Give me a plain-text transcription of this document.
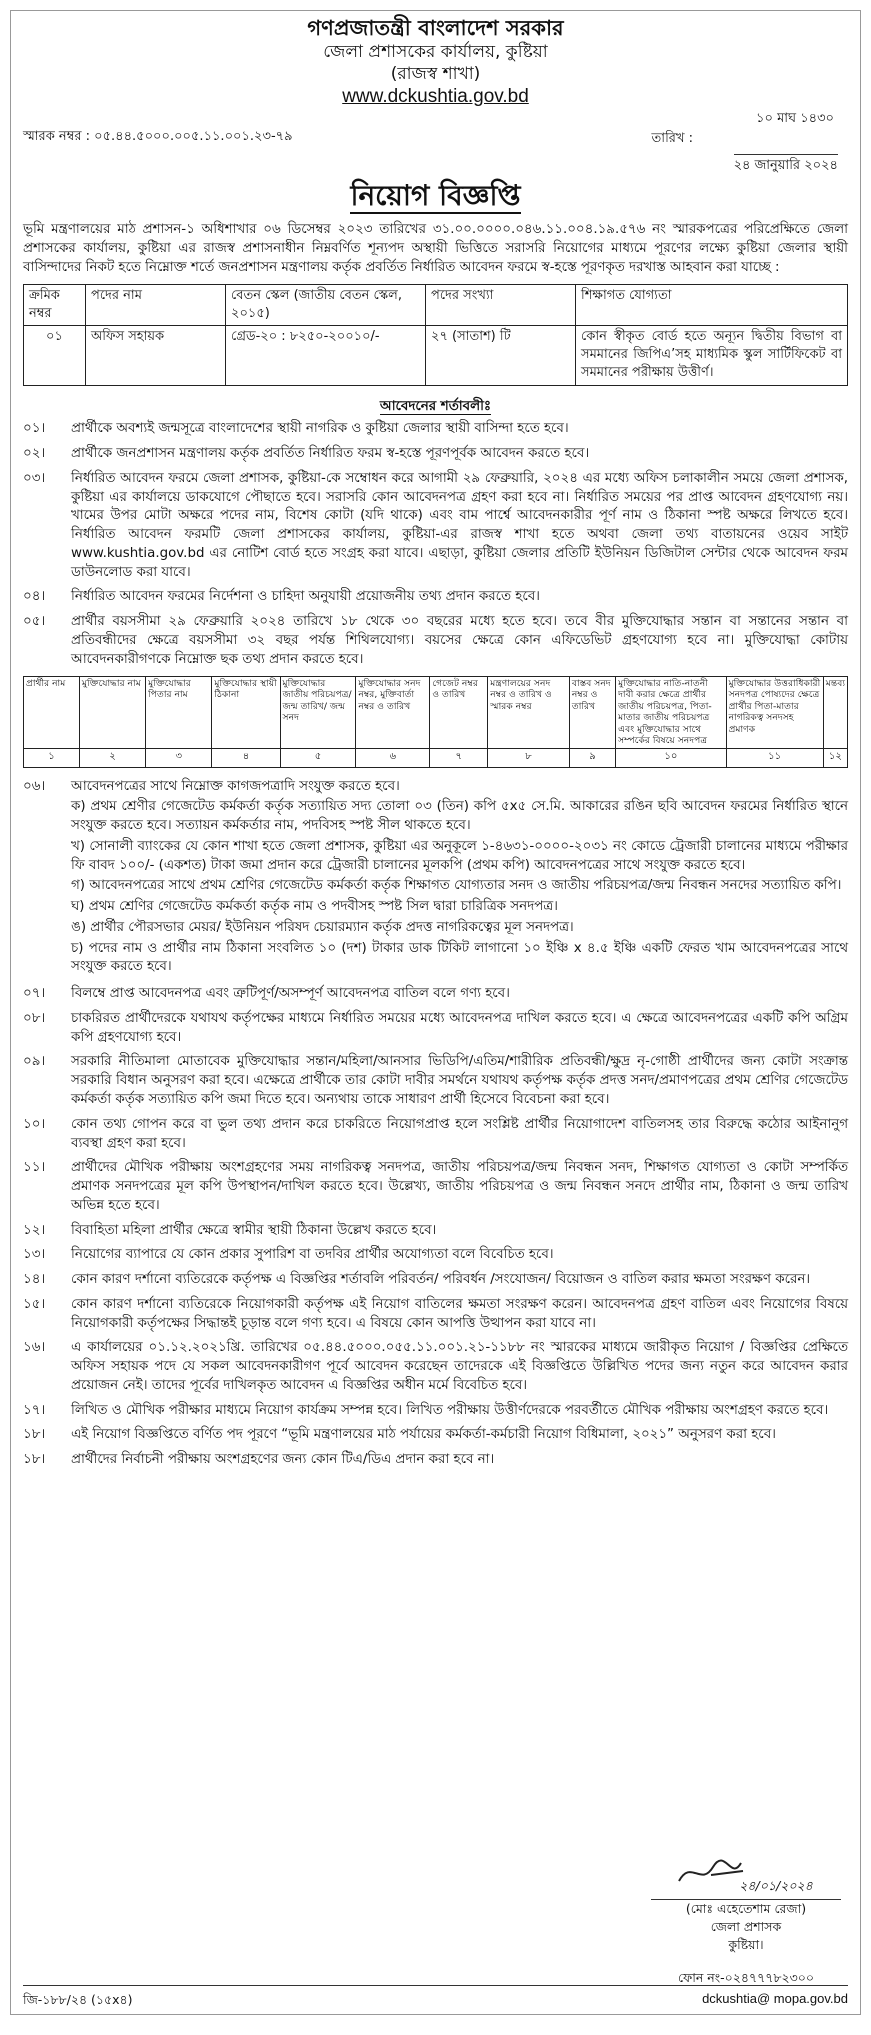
গণপ্রজাতন্ত্রী বাংলাদেশ সরকার
জেলা প্রশাসকের কার্যালয়, কুষ্টিয়া
(রাজস্ব শাখা)
www.dckushtia.gov.bd
১০ মাঘ ১৪৩০
স্মারক নম্বর : ০৫.৪৪.৫০০০.০০৫.১১.০০১.২৩-৭৯	তারিখ :
২৪ জানুয়ারি ২০২৪
নিয়োগ বিজ্ঞপ্তি

ভূমি মন্ত্রণালয়ের মাঠ প্রশাসন-১ অধিশাখার ০৬ ডিসেম্বর ২০২৩ তারিখের ৩১.০০.০০০০.০৪৬.১১.০০৪.১৯.৫৭৬ নং স্মারকপত্রের পরিপ্রেক্ষিতে জেলা প্রশাসকের কার্যালয়, কুষ্টিয়া এর রাজস্ব প্রশাসনাধীন নিম্নবর্ণিত শূন্যপদ অস্থায়ী ভিত্তিতে সরাসরি নিয়োগের মাধ্যমে পূরণের লক্ষ্যে কুষ্টিয়া জেলার স্থায়ী বাসিন্দাদের নিকট হতে নিম্নোক্ত শর্তে জনপ্রশাসন মন্ত্রণালয় কর্তৃক প্রবর্তিত নির্ধারিত আবেদন ফরমে স্ব-হস্তে পূরণকৃত দরখাস্ত আহবান করা যাচ্ছে :

ক্রমিক নম্বর	পদের নাম	বেতন স্কেল (জাতীয় বেতন স্কেল, ২০১৫)	পদের সংখ্যা	শিক্ষাগত যোগ্যতা
০১	অফিস সহায়ক	গ্রেড-২০ : ৮২৫০-২০০১০/-	২৭ (সাতাশ) টি	কোন স্বীকৃত বোর্ড হতে অন্যূন দ্বিতীয় বিভাগ বা সমমানের জিপিএ’সহ মাধ্যমিক স্কুল সার্টিফিকেট বা সমমানের পরীক্ষায় উত্তীর্ণ।
আবেদনের শর্তাবলীঃ
০১।	প্রার্থীকে অবশ্যই জন্মসূত্রে বাংলাদেশের স্থায়ী নাগরিক ও কুষ্টিয়া জেলার স্থায়ী বাসিন্দা হতে হবে।
০২।	প্রার্থীকে জনপ্রশাসন মন্ত্রণালয় কর্তৃক প্রবর্তিত নির্ধারিত ফরম স্ব-হস্তে পূরণপূর্বক আবেদন করতে হবে।
০৩।	নির্ধারিত আবেদন ফরমে জেলা প্রশাসক, কুষ্টিয়া-কে সম্বোধন করে আগামী ২৯ ফেব্রুয়ারি, ২০২৪ এর মধ্যে অফিস চলাকালীন সময়ে জেলা প্রশাসক, কুষ্টিয়া এর কার্যালয়ে ডাকযোগে পৌছাতে হবে। সরাসরি কোন আবেদনপত্র গ্রহণ করা হবে না। নির্ধারিত সময়ের পর প্রাপ্ত আবেদন গ্রহণযোগ্য নয়। খামের উপর মোটা অক্ষরে পদের নাম, বিশেষ কোটা (যদি থাকে) এবং বাম পার্শ্বে আবেদনকারীর পূর্ণ নাম ও ঠিকানা স্পষ্ট অক্ষরে লিখতে হবে। নির্ধারিত আবেদন ফরমটি জেলা প্রশাসকের কার্যালয়, কুষ্টিয়া-এর রাজস্ব শাখা হতে অথবা জেলা তথ্য বাতায়নের ওয়েব সাইট www.kushtia.gov.bd এর নোটিশ বোর্ড হতে সংগ্রহ করা যাবে। এছাড়া, কুষ্টিয়া জেলার প্রতিটি ইউনিয়ন ডিজিটাল সেন্টার থেকে আবেদন ফরম ডাউনলোড করা যাবে।
০৪।	নির্ধারিত আবেদন ফরমের নির্দেশনা ও চাহিদা অনুযায়ী প্রয়োজনীয় তথ্য প্রদান করতে হবে।
০৫।	প্রার্থীর বয়সসীমা ২৯ ফেব্রুয়ারি ২০২৪ তারিখে ১৮ থেকে ৩০ বছরের মধ্যে হতে হবে। তবে বীর মুক্তিযোদ্ধার সন্তান বা সন্তানের সন্তান বা প্রতিবন্ধীদের ক্ষেত্রে বয়সসীমা ৩২ বছর পর্যন্ত শিথিলযোগ্য। বয়সের ক্ষেত্রে কোন এফিডেভিট গ্রহণযোগ্য হবে না। মুক্তিযোদ্ধা কোটায় আবেদনকারীগণকে নিম্নোক্ত ছক তথ্য প্রদান করতে হবে।
প্রার্থীর নাম	মুক্তিযোদ্ধার নাম	মুক্তিযোদ্ধার পিতার নাম	মুক্তিযোদ্ধার স্থায়ী ঠিকানা	মুক্তিযোদ্ধার জাতীয় পরিচয়পত্র/ জন্ম তারিখ/ জন্ম সনদ	মুক্তিযোদ্ধার সনদ নম্বর, মুক্তিবার্তা নম্বর ও তারিখ	গেজেট নম্বর ও তারিখ	মন্ত্রণালয়ের সনদ নম্বর ও তারিখ ও স্মারক নম্বর	বাস্তব সনদ নম্বর ও তারিখ	মুক্তিযোদ্ধার নাতি-নাতনী দাবী করার ক্ষেত্রে প্রার্থীর জাতীয় পরিচয়পত্র, পিতা-মাতার জাতীয় পরিচয়পত্র এবং মুক্তিযোদ্ধার সাথে সম্পর্কের বিষয়ে সনদপত্র	মুক্তিযোদ্ধার উত্তরাধিকারী সনদপত্র পোষ্যদের ক্ষেত্রে প্রার্থীর পিতা-মাতার নাগরিকত্ব সনদসহ প্রমাণক	মন্তব্য
১	২	৩	৪	৫	৬	৭	৮	৯	১০	১১	১২
০৬।	আবেদনপত্রের সাথে নিম্নোক্ত কাগজপত্রাদি সংযুক্ত করতে হবে।
ক) প্রথম শ্রেণীর গেজেটেড কর্মকর্তা কর্তৃক সত্যায়িত সদ্য তোলা ০৩ (তিন) কপি ৫x৫ সে.মি. আকারের রঙিন ছবি আবেদন ফরমের নির্ধারিত স্থানে সংযুক্ত করতে হবে। সত্যায়ন কর্মকর্তার নাম, পদবিসহ স্পষ্ট সীল থাকতে হবে।
খ) সোনালী ব্যাংকের যে কোন শাখা হতে জেলা প্রশাসক, কুষ্টিয়া এর অনুকূলে ১-৪৬৩১-০০০০-২০৩১ নং কোডে ট্রেজারী চালানের মাধ্যমে পরীক্ষার ফি বাবদ ১০০/- (একশত) টাকা জমা প্রদান করে ট্রেজারী চালানের মূলকপি (প্রথম কপি) আবেদনপত্রের সাথে সংযুক্ত করতে হবে।
গ) আবেদনপত্রের সাথে প্রথম শ্রেণির গেজেটেড কর্মকর্তা কর্তৃক শিক্ষাগত যোগ্যতার সনদ ও জাতীয় পরিচয়পত্র/জন্ম নিবন্ধন সনদের সত্যায়িত কপি।
ঘ) প্রথম শ্রেণির গেজেটেড কর্মকর্তা কর্তৃক নাম ও পদবীসহ স্পষ্ট সিল দ্বারা চারিত্রিক সনদপত্র।
ঙ) প্রার্থীর পৌরসভার মেয়র/ ইউনিয়ন পরিষদ চেয়ারম্যান কর্তৃক প্রদত্ত নাগরিকত্বের মূল সনদপত্র।
চ) পদের নাম ও প্রার্থীর নাম ঠিকানা সংবলিত ১০ (দশ) টাকার ডাক টিকিট লাগানো ১০ ইঞ্চি x ৪.৫ ইঞ্চি একটি ফেরত খাম আবেদনপত্রের সাথে সংযুক্ত করতে হবে।
০৭।	বিলম্বে প্রাপ্ত আবেদনপত্র এবং ত্রুটিপূর্ণ/অসম্পূর্ণ আবেদনপত্র বাতিল বলে গণ্য হবে।
০৮।	চাকরিরত প্রার্থীদেরকে যথাযথ কর্তৃপক্ষের মাধ্যমে নির্ধারিত সময়ের মধ্যে আবেদনপত্র দাখিল করতে হবে। এ ক্ষেত্রে আবেদনপত্রের একটি কপি অগ্রিম কপি গ্রহণযোগ্য হবে।
০৯।	সরকারি নীতিমালা মোতাবেক মুক্তিযোদ্ধার সন্তান/মহিলা/আনসার ভিডিপি/এতিম/শারীরিক প্রতিবন্ধী/ক্ষুদ্র নৃ-গোষ্ঠী প্রার্থীদের জন্য কোটা সংক্রান্ত সরকারি বিধান অনুসরণ করা হবে। এক্ষেত্রে প্রার্থীকে তার কোটা দাবীর সমর্থনে যথাযথ কর্তৃপক্ষ কর্তৃক প্রদত্ত সনদ/প্রমাণপত্রের প্রথম শ্রেণির গেজেটেড কর্মকর্তা কর্তৃক সত্যায়িত কপি জমা দিতে হবে। অন্যথায় তাকে সাধারণ প্রার্থী হিসেবে বিবেচনা করা হবে।
১০।	কোন তথ্য গোপন করে বা ভুল তথ্য প্রদান করে চাকরিতে নিয়োগপ্রাপ্ত হলে সংশ্লিষ্ট প্রার্থীর নিয়োগাদেশ বাতিলসহ তার বিরুদ্ধে কঠোর আইনানুগ ব্যবস্থা গ্রহণ করা হবে।
১১।	প্রার্থীদের মৌখিক পরীক্ষায় অংশগ্রহণের সময় নাগরিকত্ব সনদপত্র, জাতীয় পরিচয়পত্র/জন্ম নিবন্ধন সনদ, শিক্ষাগত যোগ্যতা ও কোটা সম্পর্কিত প্রমাণক সনদপত্রের মূল কপি উপস্থাপন/দাখিল করতে হবে। উল্লেখ্য, জাতীয় পরিচয়পত্র ও জন্ম নিবন্ধন সনদে প্রার্থীর নাম, ঠিকানা ও জন্ম তারিখ অভিন্ন হতে হবে।
১২।	বিবাহিতা মহিলা প্রার্থীর ক্ষেত্রে স্বামীর স্থায়ী ঠিকানা উল্লেখ করতে হবে।
১৩।	নিয়োগের ব্যাপারে যে কোন প্রকার সুপারিশ বা তদবির প্রার্থীর অযোগ্যতা বলে বিবেচিত হবে।
১৪।	কোন কারণ দর্শানো ব্যতিরেকে কর্তৃপক্ষ এ বিজ্ঞপ্তির শর্তাবলি পরিবর্তন/ পরিবর্ধন /সংযোজন/ বিয়োজন ও বাতিল করার ক্ষমতা সংরক্ষণ করেন।
১৫।	কোন কারণ দর্শানো ব্যতিরেকে নিয়োগকারী কর্তৃপক্ষ এই নিয়োগ বাতিলের ক্ষমতা সংরক্ষণ করেন। আবেদনপত্র গ্রহণ বাতিল এবং নিয়োগের বিষয়ে নিয়োগকারী কর্তৃপক্ষের সিদ্ধান্তই চূড়ান্ত বলে গণ্য হবে। এ বিষয়ে কোন আপত্তি উত্থাপন করা যাবে না।
১৬।	এ কার্যালয়ের ০১.১২.২০২১খ্রি. তারিখের ০৫.৪৪.৫০০০.০৫৫.১১.০০১.২১-১১৮৮ নং স্মারকের মাধ্যমে জারীকৃত নিয়োগ / বিজ্ঞপ্তির প্রেক্ষিতে অফিস সহায়ক পদে যে সকল আবেদনকারীগণ পূর্বে আবেদন করেছেন তাদেরকে এই বিজ্ঞপ্তিতে উল্লিখিত পদের জন্য নতুন করে আবেদন করার প্রয়োজন নেই। তাদের পূর্বের দাখিলকৃত আবেদন এ বিজ্ঞপ্তির অধীন মর্মে বিবেচিত হবে।
১৭।	লিখিত ও মৌখিক পরীক্ষার মাধ্যমে নিয়োগ কার্যক্রম সম্পন্ন হবে। লিখিত পরীক্ষায় উত্তীর্ণদেরকে পরবর্তীতে মৌখিক পরীক্ষায় অংশগ্রহণ করতে হবে।
১৮।	এই নিয়োগ বিজ্ঞপ্তিতে বর্ণিত পদ পূরণে “ভূমি মন্ত্রণালয়ের মাঠ পর্যায়ের কর্মকর্তা-কর্মচারী নিয়োগ বিধিমালা, ২০২১” অনুসরণ করা হবে।
১৮।	প্রার্থীদের নির্বাচনী পরীক্ষায় অংশগ্রহণের জন্য কোন টিএ/ডিএ প্রদান করা হবে না।
২৪/০১/২০২৪
(মোঃ এহেতেশাম রেজা)
জেলা প্রশাসক
কুষ্টিয়া।
ফোন নং-০২৪৭৭৭৮২৩০০
জি-১৮৮/২৪ (১৫x৪)	dckushtia@ mopa.gov.bd
